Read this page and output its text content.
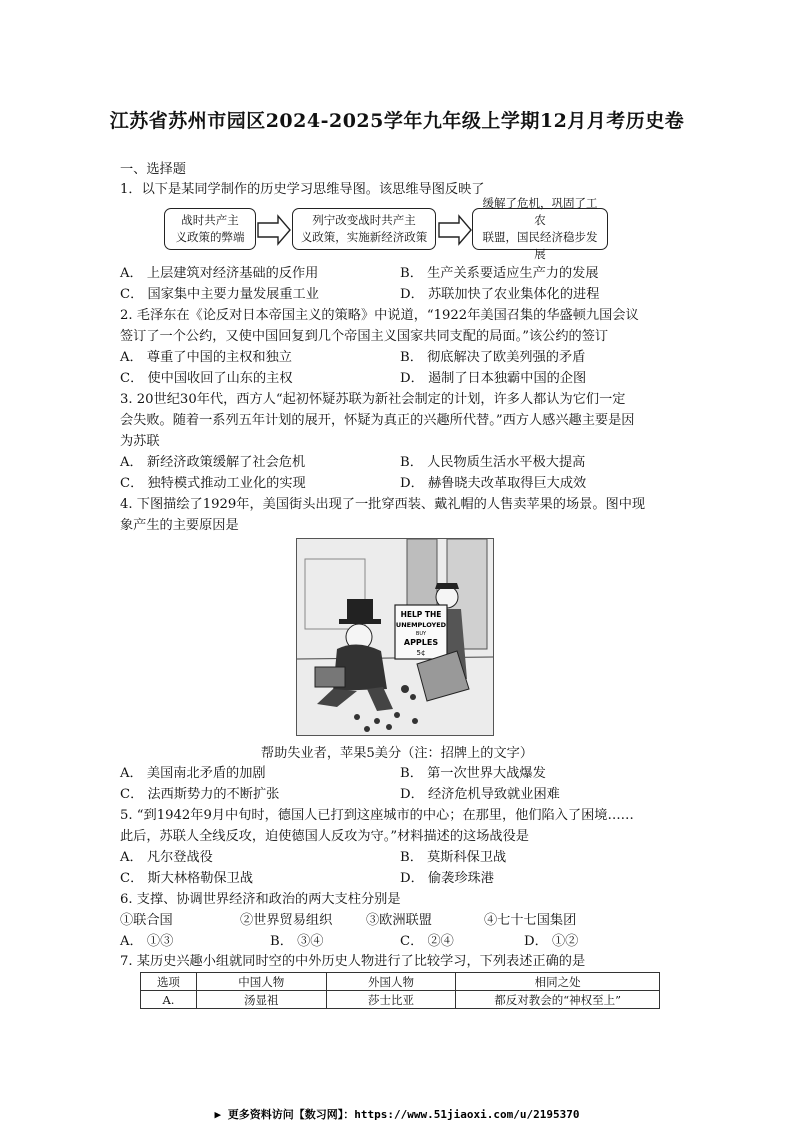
江苏省苏州市园区2024-2025学年九年级上学期12月月考历史卷
一、选择题
1．以下是某同学制作的历史学习思维导图。该思维导图反映了
战时共产主
义政策的弊端
列宁改变战时共产主
义政策，实施新经济政策
缓解了危机，巩固了工农
联盟，国民经济稳步发展
A． 上层建筑对经济基础的反作用	B． 生产关系要适应生产力的发展
C． 国家集中主要力量发展重工业	D． 苏联加快了农业集体化的进程
2. 毛泽东在《论反对日本帝国主义的策略》中说道，“1922年美国召集的华盛顿九国会议
签订了一个公约，又使中国回复到几个帝国主义国家共同支配的局面。”该公约的签订
A． 尊重了中国的主权和独立	B． 彻底解决了欧美列强的矛盾
C． 使中国收回了山东的主权	D． 遏制了日本独霸中国的企图
3. 20世纪30年代，西方人“起初怀疑苏联为新社会制定的计划，许多人都认为它们一定
会失败。随着一系列五年计划的展开，怀疑为真正的兴趣所代替。”西方人感兴趣主要是因
为苏联
A． 新经济政策缓解了社会危机	B． 人民物质生活水平极大提高
C． 独特模式推动工业化的实现	D． 赫鲁晓夫改革取得巨大成效
4. 下图描绘了1929年，美国街头出现了一批穿西装、戴礼帽的人售卖苹果的场景。图中现
象产生的主要原因是
HELP THE
UNEMPLOYED
BUY
APPLES
5¢
帮助失业者，苹果5美分（注：招牌上的文字）
A． 美国南北矛盾的加剧	B． 第一次世界大战爆发
C． 法西斯势力的不断扩张	D． 经济危机导致就业困难
5. “到1942年9月中旬时，德国人已打到这座城市的中心；在那里，他们陷入了困境……
此后，苏联人全线反攻，迫使德国人反攻为守。”材料描述的这场战役是
A． 凡尔登战役	B． 莫斯科保卫战
C． 斯大林格勒保卫战	D． 偷袭珍珠港
6. 支撑、协调世界经济和政治的两大支柱分别是
①联合国	②世界贸易组织	③欧洲联盟	④七十七国集团
A． ①③	B． ③④	C． ②④	D． ①②
7. 某历史兴趣小组就同时空的中外历史人物进行了比较学习，下列表述正确的是
选项	中国人物	外国人物	相同之处
A.	汤显祖	莎士比亚	都反对教会的“神权至上”
▶ 更多资料访问【数习网】：https://www.51jiaoxi.com/u/2195370
